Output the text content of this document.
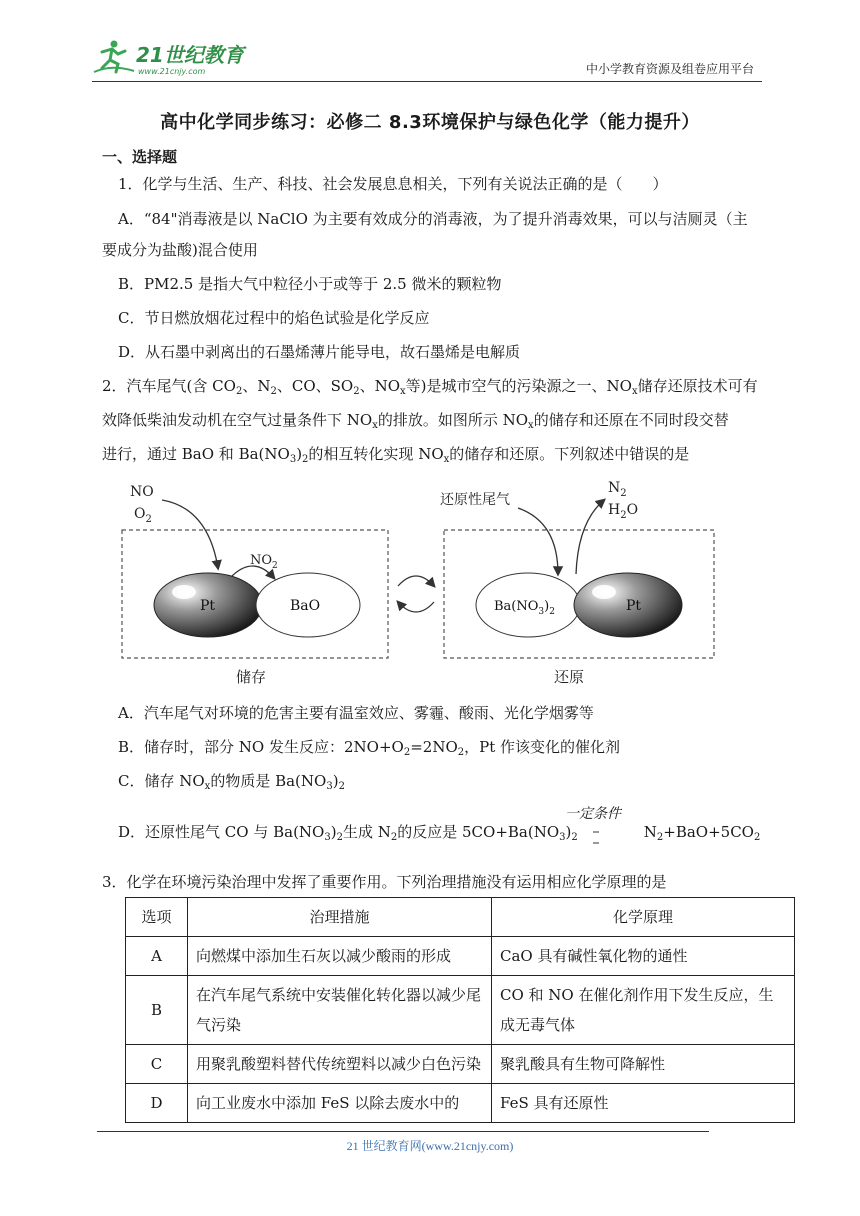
21世纪教育
www.21cnjy.com	中小学教育资源及组卷应用平台
高中化学同步练习：必修二 8.3环境保护与绿色化学（能力提升）
一、选择题
1．化学与生活、生产、科技、社会发展息息相关，下列有关说法正确的是（　　）
A．“84"消毒液是以 NaClO 为主要有效成分的消毒液，为了提升消毒效果，可以与洁厕灵（主
要成分为盐酸)混合使用
B．PM2.5 是指大气中粒径小于或等于 2.5 微米的颗粒物
C．节日燃放烟花过程中的焰色试验是化学反应
D．从石墨中剥离出的石墨烯薄片能导电，故石墨烯是电解质
2．汽车尾气(含 $CO_2$、$N_2$、CO、$SO_2$、$NO_x$等)是城市空气的污染源之一、$NO_x$储存还原技术可有
效降低柴油发动机在空气过量条件下 $NO_x$的排放。如图所示 $NO_x$的储存和还原在不同时段交替
进行，通过 BaO 和 $Ba(NO_3)_2$的相互转化实现 $NO_x$的储存和还原。下列叙述中错误的是
NO
$O_2$
$NO_2$
Pt	BaO
储存
还原性尾气
$N_2$
$H_2O$
$Ba(NO_3)_2$	Pt
还原
A．汽车尾气对环境的危害主要有温室效应、雾霾、酸雨、光化学烟雾等
B．储存时，部分 NO 发生反应：$2NO+O_2=2NO_2$，Pt 作该变化的催化剂
C．储存 $NO_x$的物质是 $Ba(NO_3)_2$
一定条件
D．还原性尾气 CO 与 $Ba(NO_3)_2$生成 $N_2$的反应是 $5CO+Ba(NO_3)_2$	$N_2+BaO+5CO_2$
3．化学在环境污染治理中发挥了重要作用。下列治理措施没有运用相应化学原理的是
选项	治理措施	化学原理
A	向燃煤中添加生石灰以减少酸雨的形成	CaO 具有碱性氧化物的通性
B	在汽车尾气系统中安装催化转化器以减少尾气污染	CO 和 NO 在催化剂作用下发生反应，生成无毒气体
C	用聚乳酸塑料替代传统塑料以减少白色污染	聚乳酸具有生物可降解性
D	向工业废水中添加 FeS 以除去废水中的	FeS 具有还原性
21 世纪教育网(www.21cnjy.com)
